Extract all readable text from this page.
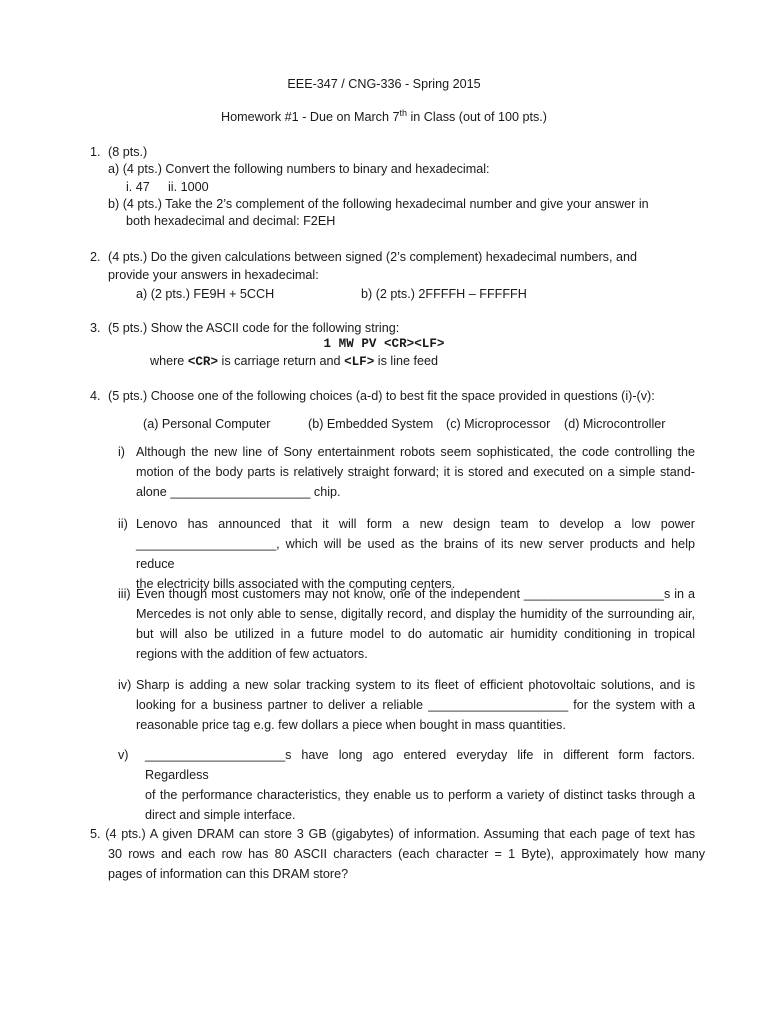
EEE-347 / CNG-336 - Spring 2015
Homework #1 - Due on March 7th in Class (out of 100 pts.)
1. (8 pts.)
a) (4 pts.) Convert the following numbers to binary and hexadecimal:
i. 47 ii. 1000
b) (4 pts.) Take the 2’s complement of the following hexadecimal number and give your answer in
both hexadecimal and decimal: F2EH
2. (4 pts.) Do the given calculations between signed (2’s complement) hexadecimal numbers, and
provide your answers in hexadecimal:
a) (2 pts.) FE9H + 5CCH	b) (2 pts.) 2FFFFH – FFFFFH
3. (5 pts.) Show the ASCII code for the following string:
1 MW PV <CR><LF>
where <CR> is carriage return and <LF> is line feed
4. (5 pts.) Choose one of the following choices (a-d) to best fit the space provided in questions (i)-(v):
(a) Personal Computer	(b) Embedded System (c) Microprocessor (d) Microcontroller
i) Although the new line of Sony entertainment robots seem sophisticated, the code controlling the

motion of the body parts is relatively straight forward; it is stored and executed on a simple stand-

alone ____________________ chip.

ii) Lenovo has announced that it will form a new design team to develop a low power

____________________, which will be used as the brains of its new server products and help reduce

the electricity bills associated with the computing centers.

iii) Even though most customers may not know, one of the independent ____________________s in a

Mercedes is not only able to sense, digitally record, and display the humidity of the surrounding air,

but will also be utilized in a future model to do automatic air humidity conditioning in tropical

regions with the addition of few actuators.

iv) Sharp is adding a new solar tracking system to its fleet of efficient photovoltaic solutions, and is

looking for a business partner to deliver a reliable ____________________ for the system with a

reasonable price tag e.g. few dollars a piece when bought in mass quantities.

v) ____________________s have long ago entered everyday life in different form factors. Regardless

of the performance characteristics, they enable us to perform a variety of distinct tasks through a

direct and simple interface.

5. (4 pts.) A given DRAM can store 3 GB (gigabytes) of information. Assuming that each page of text has

30 rows and each row has 80 ASCII characters (each character = 1 Byte), approximately how many

pages of information can this DRAM store?
